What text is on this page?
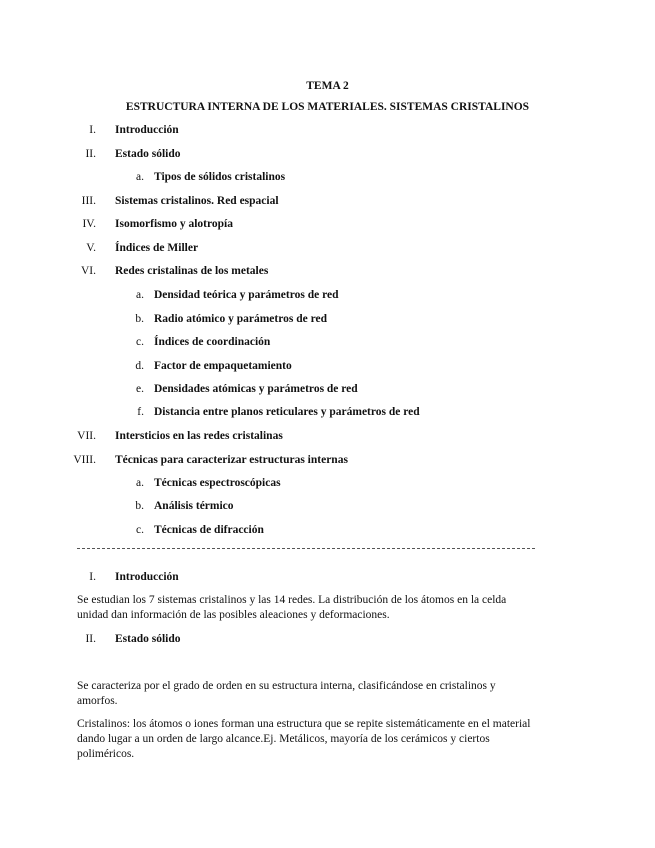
TEMA 2
ESTRUCTURA INTERNA DE LOS MATERIALES. SISTEMAS CRISTALINOS
I. Introducción
II. Estado sólido
a. Tipos de sólidos cristalinos
III. Sistemas cristalinos. Red espacial
IV. Isomorfismo y alotropía
V. Índices de Miller
VI. Redes cristalinas de los metales
a. Densidad teórica y parámetros de red
b. Radio atómico y parámetros de red
c. Índices de coordinación
d. Factor de empaquetamiento
e. Densidades atómicas y parámetros de red
f. Distancia entre planos reticulares y parámetros de red
VII. Intersticios en las redes cristalinas
VIII. Técnicas para caracterizar estructuras internas
a. Técnicas espectroscópicas
b. Análisis térmico
c. Técnicas de difracción
I. Introducción
Se estudian los 7 sistemas cristalinos y las 14 redes. La distribución de los átomos en la celda
unidad dan información de las posibles aleaciones y deformaciones.
II. Estado sólido
Se caracteriza por el grado de orden en su estructura interna, clasificándose en cristalinos y
amorfos.
Cristalinos: los átomos o iones forman una estructura que se repite sistemáticamente en el material
dando lugar a un orden de largo alcance.Ej. Metálicos, mayoría de los cerámicos y ciertos
poliméricos.
